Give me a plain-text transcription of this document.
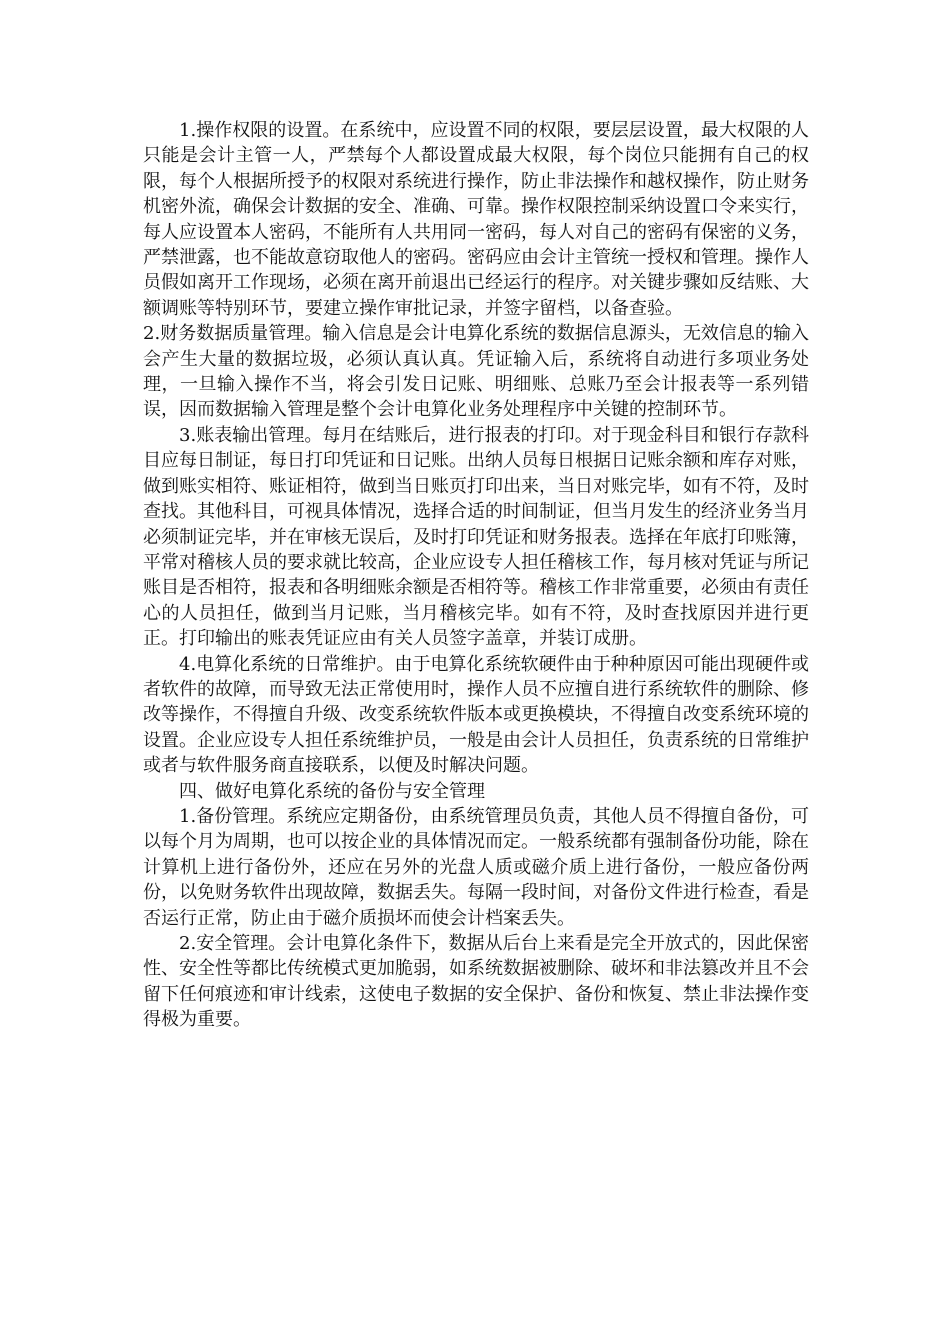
1.操作权限的设置。在系统中，应设置不同的权限，要层层设置，最大权限的人只能是会计主管一人，严禁每个人都设置成最大权限，每个岗位只能拥有自己的权限，每个人根据所授予的权限对系统进行操作，防止非法操作和越权操作，防止财务机密外流，确保会计数据的安全、准确、可靠。操作权限控制采纳设置口令来实行，每人应设置本人密码，不能所有人共用同一密码，每人对自己的密码有保密的义务，严禁泄露，也不能故意窃取他人的密码。密码应由会计主管统一授权和管理。操作人员假如离开工作现场，必须在离开前退出已经运行的程序。对关键步骤如反结账、大额调账等特别环节，要建立操作审批记录，并签字留档，以备查验。

2.财务数据质量管理。输入信息是会计电算化系统的数据信息源头，无效信息的输入会产生大量的数据垃圾，必须认真认真。凭证输入后，系统将自动进行多项业务处理，一旦输入操作不当，将会引发日记账、明细账、总账乃至会计报表等一系列错误，因而数据输入管理是整个会计电算化业务处理程序中关键的控制环节。

3.账表输出管理。每月在结账后，进行报表的打印。对于现金科目和银行存款科目应每日制证，每日打印凭证和日记账。出纳人员每日根据日记账余额和库存对账，做到账实相符、账证相符，做到当日账页打印出来，当日对账完毕，如有不符，及时查找。其他科目，可视具体情况，选择合适的时间制证，但当月发生的经济业务当月必须制证完毕，并在审核无误后，及时打印凭证和财务报表。选择在年底打印账簿，平常对稽核人员的要求就比较高，企业应设专人担任稽核工作，每月核对凭证与所记账目是否相符，报表和各明细账余额是否相符等。稽核工作非常重要，必须由有责任心的人员担任，做到当月记账，当月稽核完毕。如有不符，及时查找原因并进行更正。打印输出的账表凭证应由有关人员签字盖章，并装订成册。

4.电算化系统的日常维护。由于电算化系统软硬件由于种种原因可能出现硬件或者软件的故障，而导致无法正常使用时，操作人员不应擅自进行系统软件的删除、修改等操作，不得擅自升级、改变系统软件版本或更换模块，不得擅自改变系统环境的设置。企业应设专人担任系统维护员，一般是由会计人员担任，负责系统的日常维护或者与软件服务商直接联系，以便及时解决问题。

四、做好电算化系统的备份与安全管理

1.备份管理。系统应定期备份，由系统管理员负责，其他人员不得擅自备份，可以每个月为周期，也可以按企业的具体情况而定。一般系统都有强制备份功能，除在计算机上进行备份外，还应在另外的光盘人质或磁介质上进行备份，一般应备份两份，以免财务软件出现故障，数据丢失。每隔一段时间，对备份文件进行检查，看是否运行正常，防止由于磁介质损坏而使会计档案丢失。

2.安全管理。会计电算化条件下，数据从后台上来看是完全开放式的，因此保密性、安全性等都比传统模式更加脆弱，如系统数据被删除、破坏和非法篡改并且不会留下任何痕迹和审计线索，这使电子数据的安全保护、备份和恢复、禁止非法操作变得极为重要。
